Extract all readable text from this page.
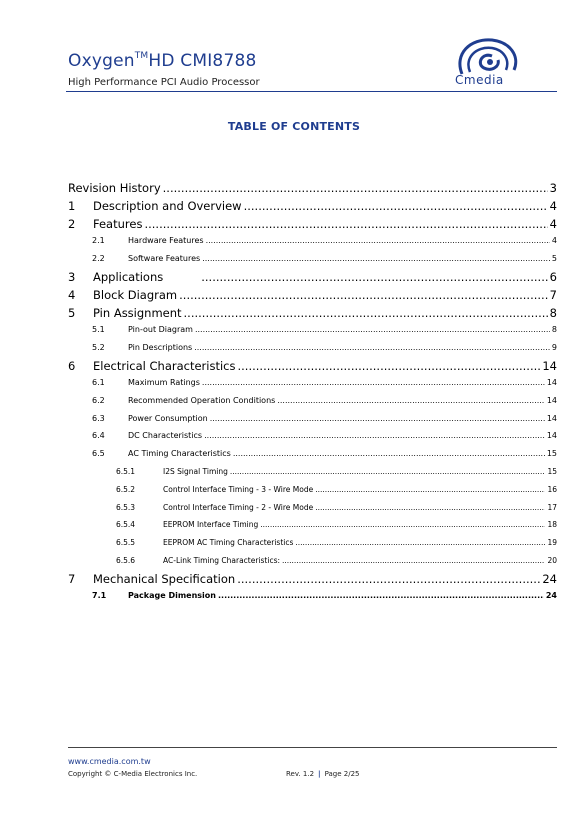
Oxygen™HD CMI8788
High Performance PCI Audio Processor	Cmedia
TABLE OF CONTENTS
Revision History .....	3
1	Description and Overview .....	4
2	Features .....	4
2.1	Hardware Features .....	4
2.2	Software Features .....	5
3	Applications .....	6
4	Block Diagram .....	7
5	Pin Assignment .....	8
5.1	Pin-out Diagram .....	8
5.2	Pin Descriptions .....	9
6	Electrical Characteristics .....	14
6.1	Maximum Ratings .....	14
6.2	Recommended Operation Conditions .....	14
6.3	Power Consumption .....	14
6.4	DC Characteristics .....	14
6.5	AC Timing Characteristics .....	15
6.5.1	I2S Signal Timing .....	15
6.5.2	Control Interface Timing - 3 - Wire Mode .....	16
6.5.3	Control Interface Timing - 2 - Wire Mode .....	17
6.5.4	EEPROM Interface Timing .....	18
6.5.5	EEPROM AC Timing Characteristics .....	19
6.5.6	AC-Link Timing Characteristics: .....	20
7	Mechanical Specification .....	24
7.1	Package Dimension .....	24
www.cmedia.com.tw
Copyright © C-Media Electronics Inc.	Rev. 1.2 | Page 2/25
